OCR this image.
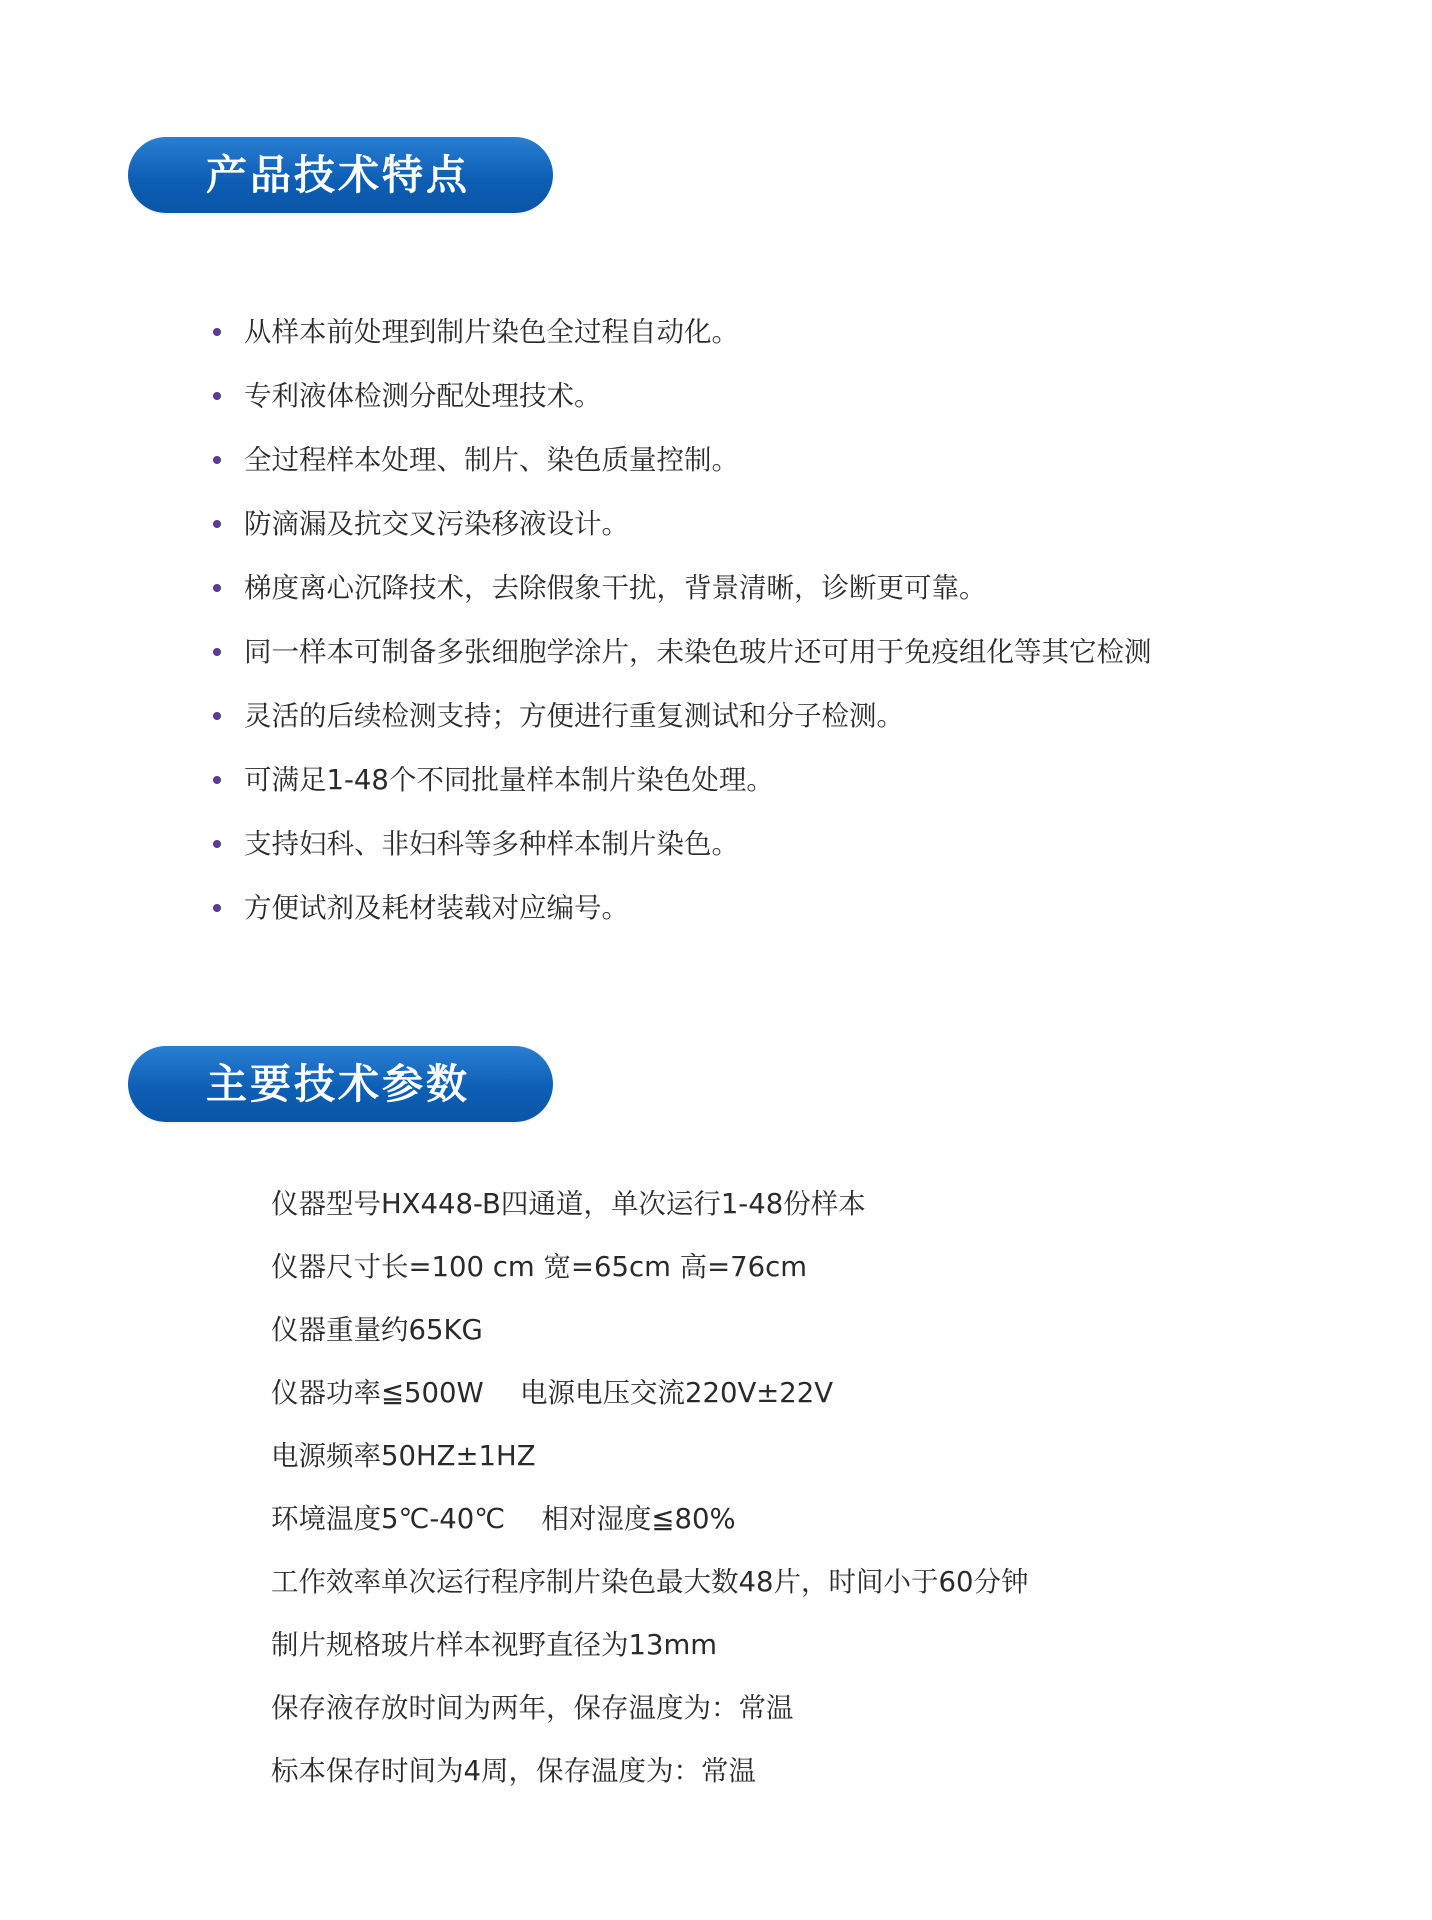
产品技术特点
从样本前处理到制片染色全过程自动化。
专利液体检测分配处理技术。
全过程样本处理、制片、染色质量控制。
防滴漏及抗交叉污染移液设计。
梯度离心沉降技术，去除假象干扰，背景清晰，诊断更可靠。
同一样本可制备多张细胞学涂片，未染色玻片还可用于免疫组化等其它检测
灵活的后续检测支持；方便进行重复测试和分子检测。
可满足1-48个不同批量样本制片染色处理。
支持妇科、非妇科等多种样本制片染色。
方便试剂及耗材装载对应编号。
主要技术参数
仪器型号HX448-B四通道，单次运行1-48份样本
仪器尺寸长=100 cm 宽=65cm 高=76cm
仪器重量约65KG
仪器功率≦500W　 电源电压交流220V±22V
电源频率50HZ±1HZ
环境温度5℃-40℃　 相对湿度≦80%
工作效率单次运行程序制片染色最大数48片，时间小于60分钟
制片规格玻片样本视野直径为13mm
保存液存放时间为两年，保存温度为：常温
标本保存时间为4周，保存温度为：常温
